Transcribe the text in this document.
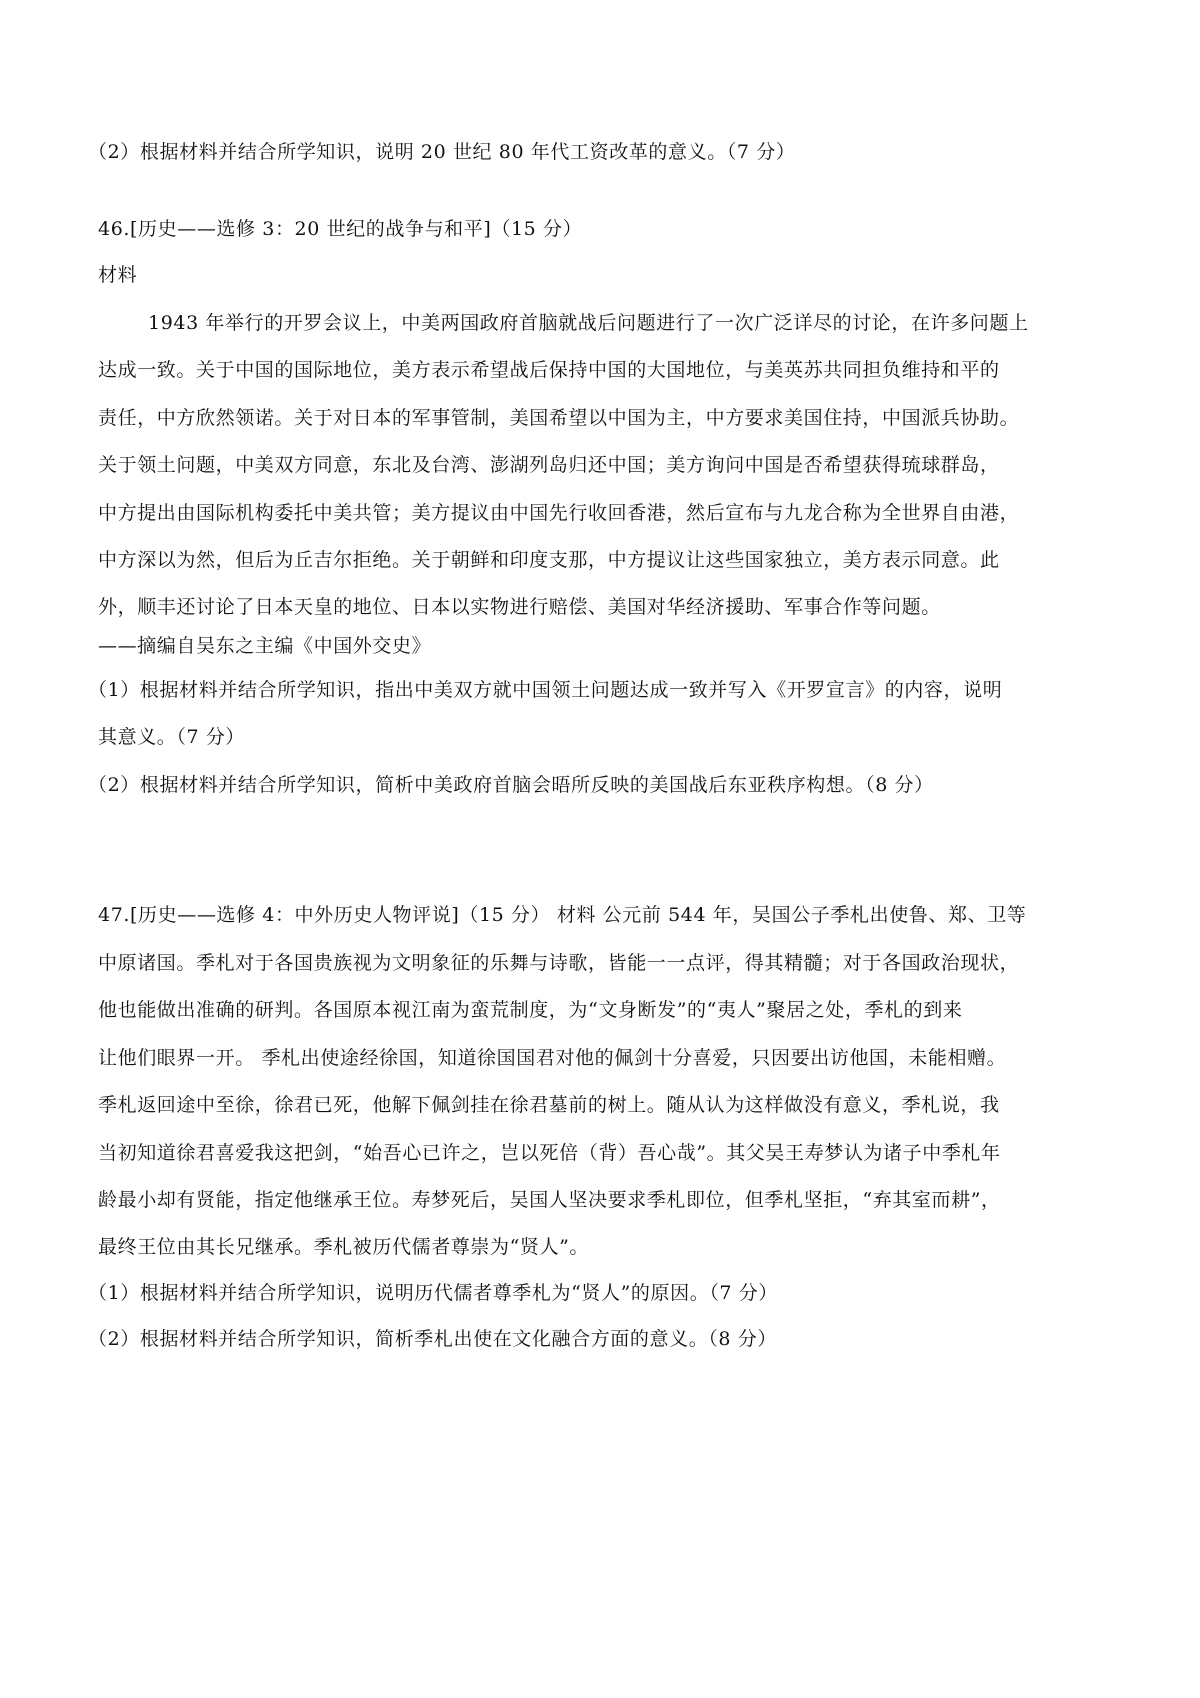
（2）根据材料并结合所学知识，说明 20 世纪 80 年代工资改革的意义。（7 分）
46.[历史——选修 3：20 世纪的战争与和平]（15 分）
材料
1943 年举行的开罗会议上，中美两国政府首脑就战后问题进行了一次广泛详尽的讨论，在许多问题上
达成一致。关于中国的国际地位，美方表示希望战后保持中国的大国地位，与美英苏共同担负维持和平的
责任，中方欣然领诺。关于对日本的军事管制，美国希望以中国为主，中方要求美国住持，中国派兵协助。
关于领土问题，中美双方同意，东北及台湾、澎湖列岛归还中国；美方询问中国是否希望获得琉球群岛，
中方提出由国际机构委托中美共管；美方提议由中国先行收回香港，然后宣布与九龙合称为全世界自由港，
中方深以为然，但后为丘吉尔拒绝。关于朝鲜和印度支那，中方提议让这些国家独立，美方表示同意。此
外，顺丰还讨论了日本天皇的地位、日本以实物进行赔偿、美国对华经济援助、军事合作等问题。
——摘编自吴东之主编《中国外交史》
（1）根据材料并结合所学知识，指出中美双方就中国领土问题达成一致并写入《开罗宣言》的内容，说明
其意义。（7 分）
（2）根据材料并结合所学知识，简析中美政府首脑会晤所反映的美国战后东亚秩序构想。（8 分）
47.[历史——选修 4：中外历史人物评说]（15 分） 材料 公元前 544 年，吴国公子季札出使鲁、郑、卫等
中原诸国。季札对于各国贵族视为文明象征的乐舞与诗歌，皆能一一点评，得其精髓；对于各国政治现状，
他也能做出准确的研判。各国原本视江南为蛮荒制度，为“文身断发”的“夷人”聚居之处，季札的到来
让他们眼界一开。 季札出使途经徐国，知道徐国国君对他的佩剑十分喜爱，只因要出访他国，未能相赠。
季札返回途中至徐，徐君已死，他解下佩剑挂在徐君墓前的树上。随从认为这样做没有意义，季札说，我
当初知道徐君喜爱我这把剑，“始吾心已许之，岂以死倍（背）吾心哉”。其父吴王寿梦认为诸子中季札年
龄最小却有贤能，指定他继承王位。寿梦死后，吴国人坚决要求季札即位，但季札坚拒，“弃其室而耕”，
最终王位由其长兄继承。季札被历代儒者尊崇为“贤人”。
（1）根据材料并结合所学知识，说明历代儒者尊季札为“贤人”的原因。（7 分）
（2）根据材料并结合所学知识，简析季札出使在文化融合方面的意义。（8 分）
